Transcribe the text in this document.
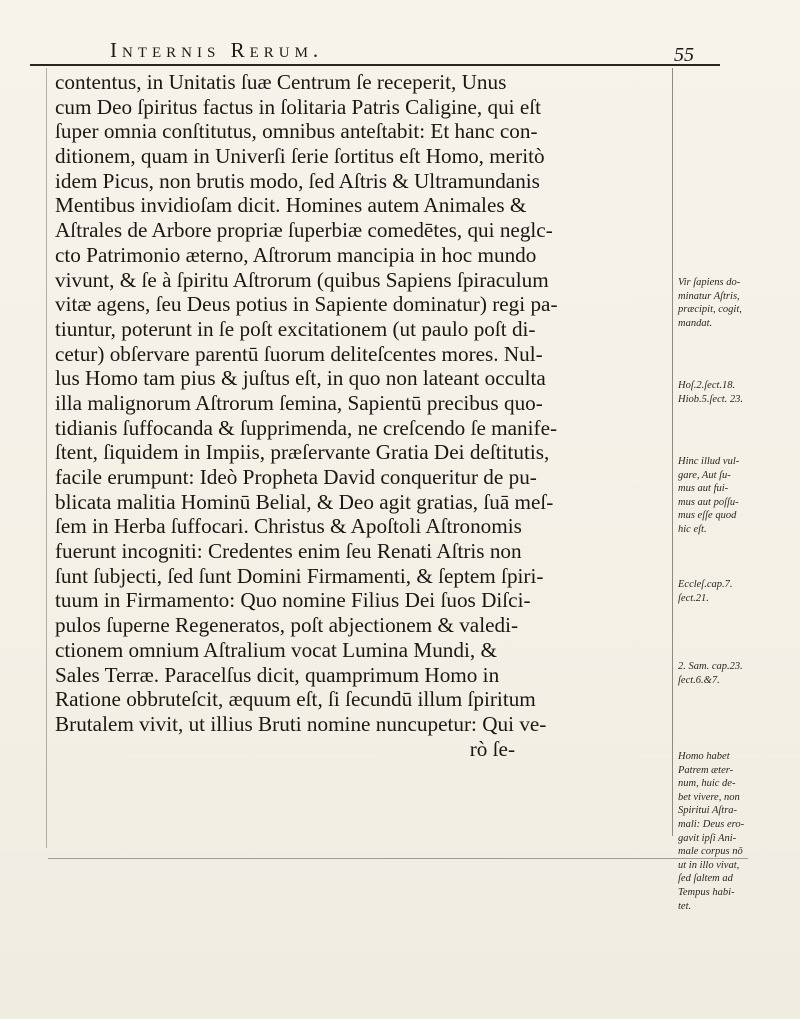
Internis Rerum.	55
contentus, in Unitatis ſuæ Centrum ſe receperit, Unus
cum Deo ſpiritus factus in ſolitaria Patris Caligine, qui eſt
ſuper omnia conſtitutus, omnibus anteſtabit: Et hanc con-
ditionem, quam in Univerſi ſerie ſortitus eſt Homo, meritò
idem Picus, non brutis modo, ſed Aſtris & Ultramundanis
Mentibus invidioſam dicit. Homines autem Animales &
Aſtrales de Arbore propriæ ſuperbiæ comedētes, qui neglc-
cto Patrimonio æterno, Aſtrorum mancipia in hoc mundo
vivunt, & ſe à ſpiritu Aſtrorum (quibus Sapiens ſpiraculum
vitæ agens, ſeu Deus potius in Sapiente dominatur) regi pa-
tiuntur, poterunt in ſe poſt excitationem (ut paulo poſt di-
cetur) obſervare parentū ſuorum deliteſcentes mores. Nul-
lus Homo tam pius & juſtus eſt, in quo non lateant occulta
illa malignorum Aſtrorum ſemina, Sapientū precibus quo-
tidianis ſuffocanda & ſupprimenda, ne creſcendo ſe manife-
ſtent, ſiquidem in Impiis, præſervante Gratia Dei deſtitutis,
facile erumpunt: Ideò Propheta David conqueritur de pu-
blicata malitia Hominū Belial, & Deo agit gratias, ſuā meſ-
ſem in Herba ſuffocari. Christus & Apoſtoli Aſtronomis
fuerunt incogniti: Credentes enim ſeu Renati Aſtris non
ſunt ſubjecti, ſed ſunt Domini Firmamenti, & ſeptem ſpiri-
tuum in Firmamento: Quo nomine Filius Dei ſuos Diſci-
pulos ſuperne Regeneratos, poſt abjectionem & valedi-
ctionem omnium Aſtralium vocat Lumina Mundi, &
Sales Terræ. Paracelſus dicit, quamprimum Homo in
Ratione obbruteſcit, æquum eſt, ſi ſecundū illum ſpiritum
Brutalem vivit, ut illius Bruti nomine nuncupetur: Qui ve-
rò ſe-
Vir ſapiens do-
minatur Aſtris,
præcipit, cogit,
mandat.
Hoſ.2.ſect.18.
Hiob.5.ſect. 23.
Hinc illud vul-
gare, Aut ſu-
mus aut fui-
mus aut poſſu-
mus eſſe quod
hic eſt.
Eccleſ.cap.7.
ſect.21.
2. Sam. cap.23.
ſect.6.&7.
Homo habet
Patrem æter-
num, huic de-
bet vivere, non
Spiritui Aſtra-
mali: Deus ero-
gavit ipſi Ani-
male corpus nō
ut in illo vivat,
ſed ſaltem ad
Tempus habi-
tet.
